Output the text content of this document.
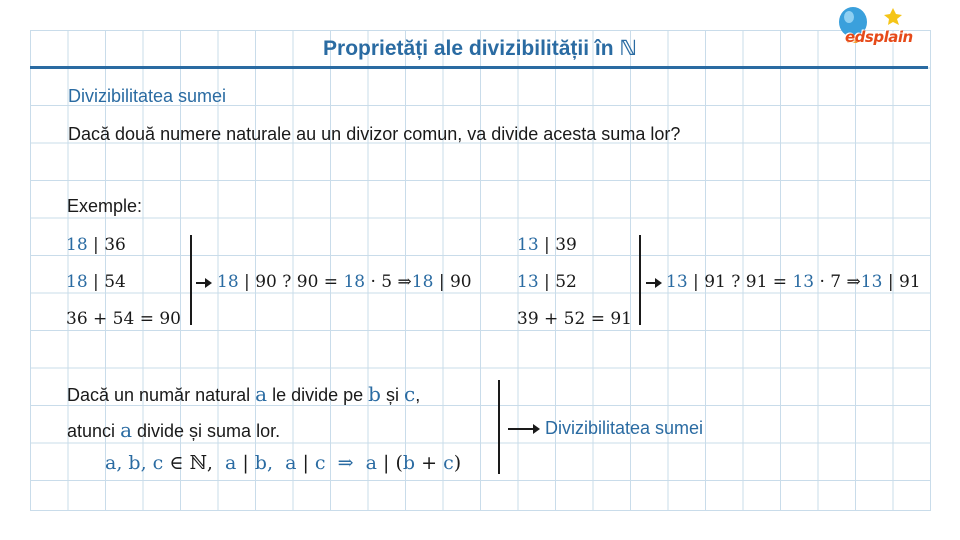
Proprietăți ale divizibilității în ℕ	edsplain
Divizibilitatea sumei
Dacă două numere naturale au un divizor comun, va divide acesta suma lor?
Exemple:
18 | 36
18 | 54
36 + 54 = 90
18 | 90 ? 90 = 18 · 5 ⇒18 | 90
13 | 39
13 | 52
39 + 52 = 91
13 | 91 ? 91 = 13 · 7 ⇒13 | 91
Dacă un număr natural a le divide pe b și c,
atunci a divide și suma lor.
a, b, c ∈ ℕ, a | b, a | c ⇒ a | (b + c)
Divizibilitatea sumei
